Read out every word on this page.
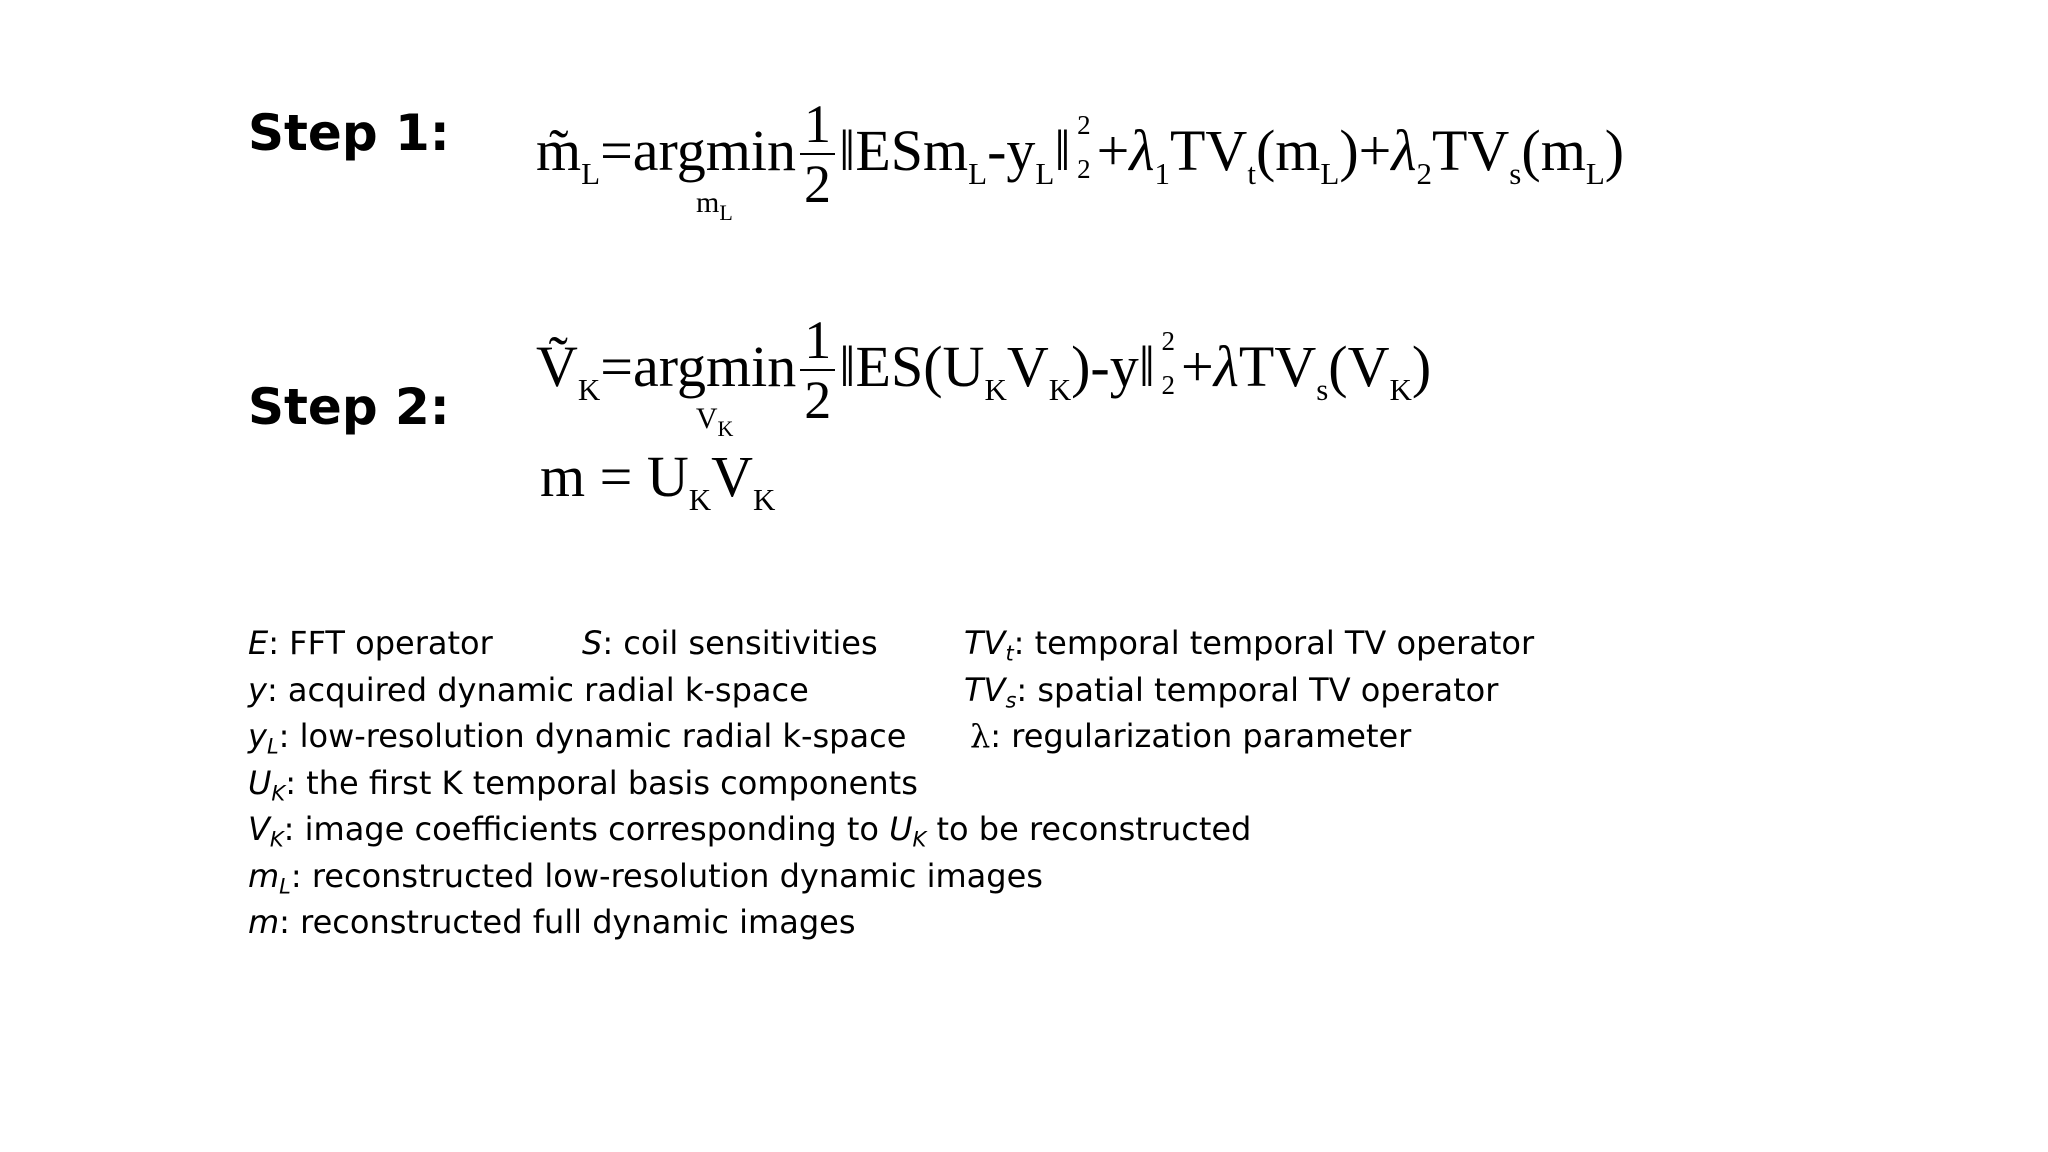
Step 1:
Step 2:
m̃L=argmin
mL
$\frac{1}{2}$ ‖ESmL-yL‖ 2
2 +λ1TVt(mL)+λ2TVs(mL)
ṼK=argmin
VK
$\frac{1}{2}$ ‖ES(UKVK)-y‖ 2
2 +λTVs(VK)
m = UKVK
E: FFT operator	S: coil sensitivities	$TV_t$: temporal temporal TV operator
y: acquired dynamic radial k-space	$TV_s$: spatial temporal TV operator
$y_L$: low-resolution dynamic radial k-space λ: regularization parameter
$U_K$: the first K temporal basis components
$V_K$: image coefficients corresponding to $U_K$ to be reconstructed
$m_L$: reconstructed low-resolution dynamic images
m: reconstructed full dynamic images
